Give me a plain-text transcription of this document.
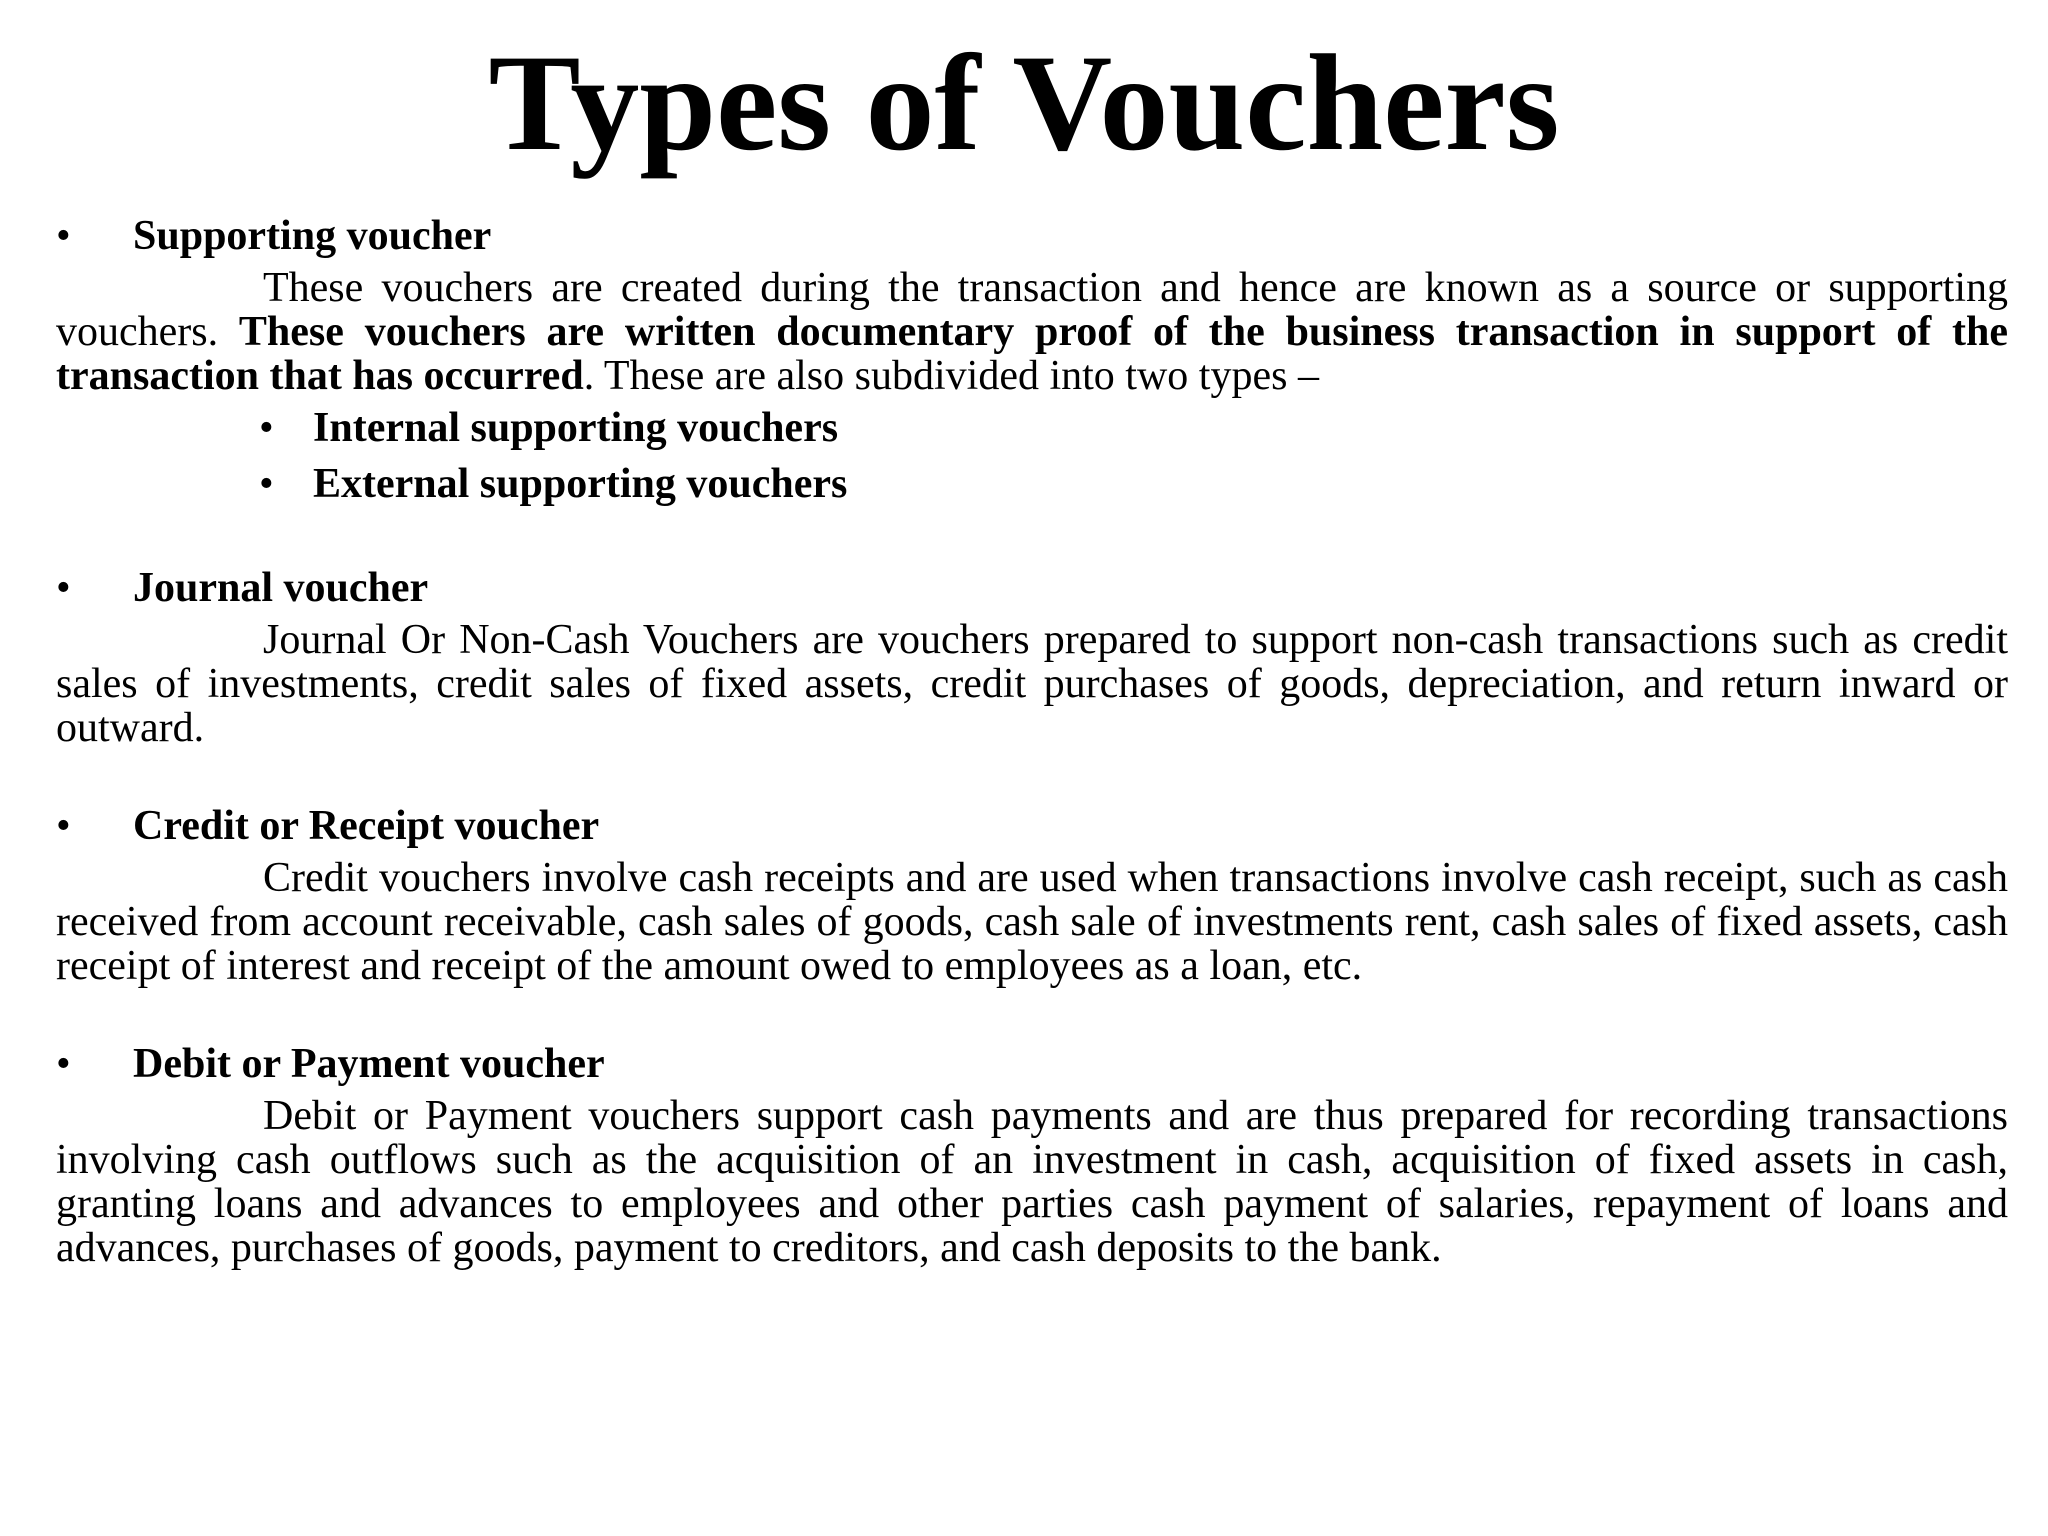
Types of Vouchers
•	Supporting voucher

These vouchers are created during the transaction and hence are known as a source or supporting vouchers. These vouchers are written documentary proof of the business transaction in support of the transaction that has occurred. These are also subdivided into two types –

• Internal supporting vouchers
• External supporting vouchers
•	Journal voucher

Journal Or Non-Cash Vouchers are vouchers prepared to support non-cash transactions such as credit sales of investments, credit sales of fixed assets, credit purchases of goods, depreciation, and return inward or outward.

•	Credit or Receipt voucher

Credit vouchers involve cash receipts and are used when transactions involve cash receipt, such as cash received from account receivable, cash sales of goods, cash sale of investments rent, cash sales of fixed assets, cash receipt of interest and receipt of the amount owed to employees as a loan, etc.

•	Debit or Payment voucher

Debit or Payment vouchers support cash payments and are thus prepared for recording transactions involving cash outflows such as the acquisition of an investment in cash, acquisition of fixed assets in cash, granting loans and advances to employees and other parties cash payment of salaries, repayment of loans and advances, purchases of goods, payment to creditors, and cash deposits to the bank.
